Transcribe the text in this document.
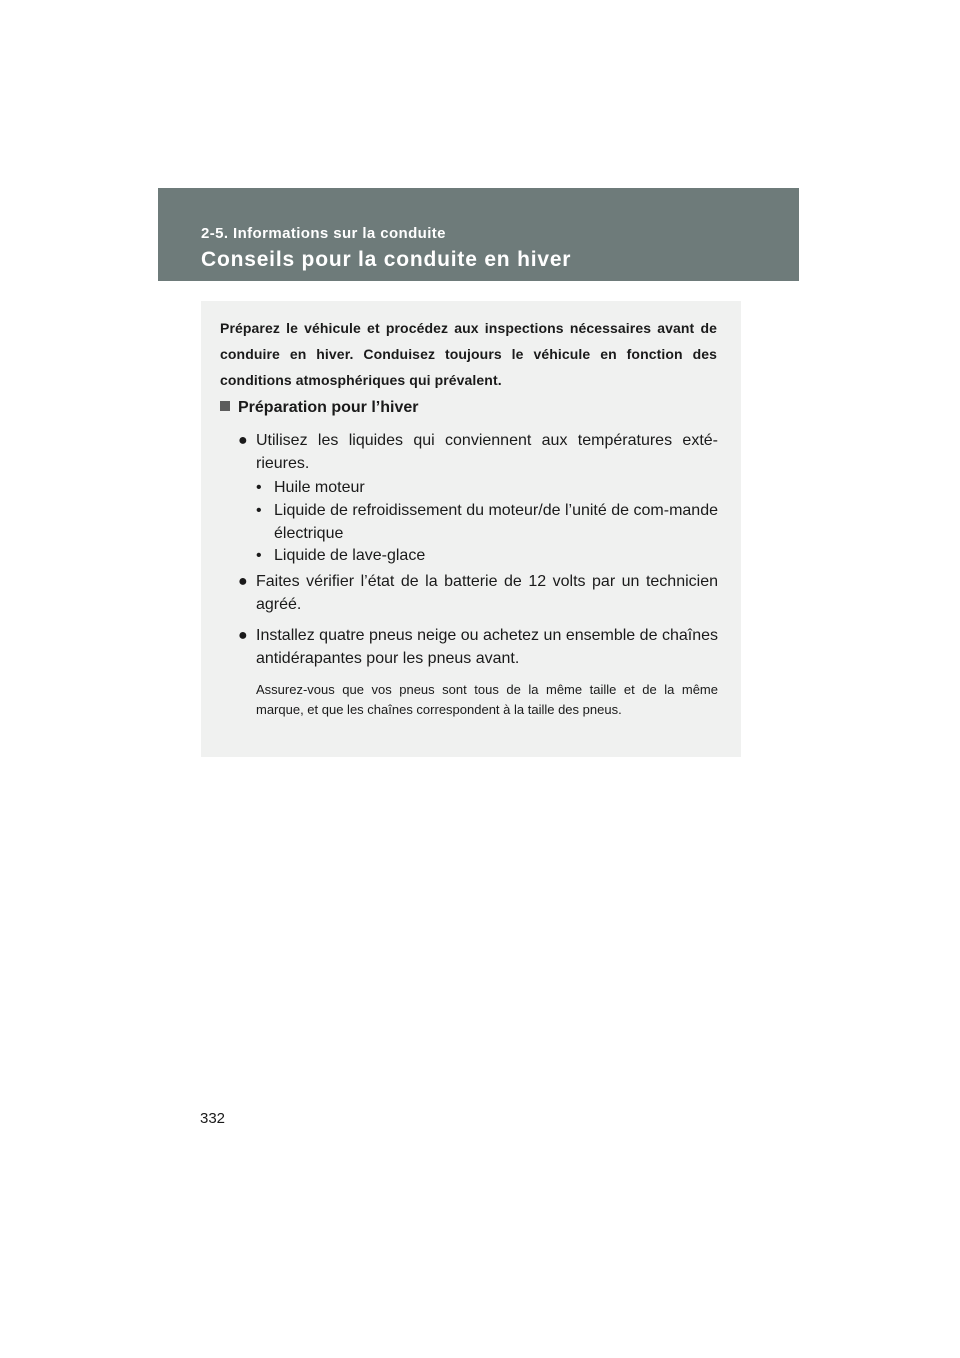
2-5. Informations sur la conduite
Conseils pour la conduite en hiver
Préparez le véhicule et procédez aux inspections nécessaires avant de conduire en hiver. Conduisez toujours le véhicule en fonction des conditions atmosphériques qui prévalent.
Préparation pour l’hiver
● Utilisez les liquides qui conviennent aux températures exté-rieures.
• Huile moteur
• Liquide de refroidissement du moteur/de l’unité de com-mande électrique
• Liquide de lave-glace
● Faites vérifier l’état de la batterie de 12 volts par un technicien agréé.
● Installez quatre pneus neige ou achetez un ensemble de chaînes antidérapantes pour les pneus avant.
Assurez-vous que vos pneus sont tous de la même taille et de la même marque, et que les chaînes correspondent à la taille des pneus.
332
